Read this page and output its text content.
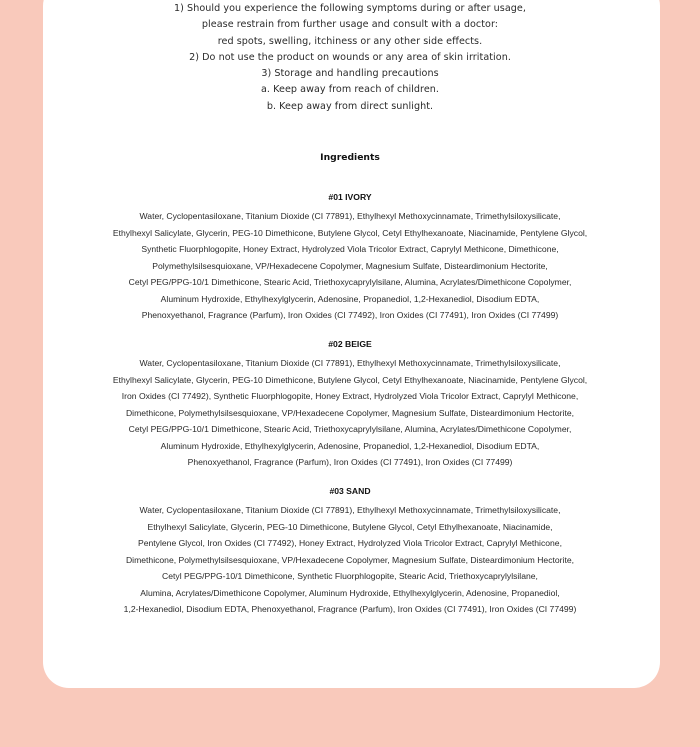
1) Should you experience the following symptoms during or after usage,
please restrain from further usage and consult with a doctor:
red spots, swelling, itchiness or any other side effects.
2) Do not use the product on wounds or any area of skin irritation.
3) Storage and handling precautions
a. Keep away from reach of children.
b. Keep away from direct sunlight.
Ingredients
#01 IVORY
Water, Cyclopentasiloxane, Titanium Dioxide (CI 77891), Ethylhexyl Methoxycinnamate, Trimethylsiloxysilicate,
Ethylhexyl Salicylate, Glycerin, PEG-10 Dimethicone, Butylene Glycol, Cetyl Ethylhexanoate, Niacinamide, Pentylene Glycol,
Synthetic Fluorphlogopite, Honey Extract, Hydrolyzed Viola Tricolor Extract, Caprylyl Methicone, Dimethicone,
Polymethylsilsesquioxane, VP/Hexadecene Copolymer, Magnesium Sulfate, Disteardimonium Hectorite,
Cetyl PEG/PPG-10/1 Dimethicone, Stearic Acid, Triethoxycaprylylsilane, Alumina, Acrylates/Dimethicone Copolymer,
Aluminum Hydroxide, Ethylhexylglycerin, Adenosine, Propanediol, 1,2-Hexanediol, Disodium EDTA,
Phenoxyethanol, Fragrance (Parfum), Iron Oxides (CI 77492), Iron Oxides (CI 77491), Iron Oxides (CI 77499)
#02 BEIGE
Water, Cyclopentasiloxane, Titanium Dioxide (CI 77891), Ethylhexyl Methoxycinnamate, Trimethylsiloxysilicate,
Ethylhexyl Salicylate, Glycerin, PEG-10 Dimethicone, Butylene Glycol, Cetyl Ethylhexanoate, Niacinamide, Pentylene Glycol,
Iron Oxides (CI 77492), Synthetic Fluorphlogopite, Honey Extract, Hydrolyzed Viola Tricolor Extract, Caprylyl Methicone,
Dimethicone, Polymethylsilsesquioxane, VP/Hexadecene Copolymer, Magnesium Sulfate, Disteardimonium Hectorite,
Cetyl PEG/PPG-10/1 Dimethicone, Stearic Acid, Triethoxycaprylylsilane, Alumina, Acrylates/Dimethicone Copolymer,
Aluminum Hydroxide, Ethylhexylglycerin, Adenosine, Propanediol, 1,2-Hexanediol, Disodium EDTA,
Phenoxyethanol, Fragrance (Parfum), Iron Oxides (CI 77491), Iron Oxides (CI 77499)
#03 SAND
Water, Cyclopentasiloxane, Titanium Dioxide (CI 77891), Ethylhexyl Methoxycinnamate, Trimethylsiloxysilicate,
Ethylhexyl Salicylate, Glycerin, PEG-10 Dimethicone, Butylene Glycol, Cetyl Ethylhexanoate, Niacinamide,
Pentylene Glycol, Iron Oxides (CI 77492), Honey Extract, Hydrolyzed Viola Tricolor Extract, Caprylyl Methicone,
Dimethicone, Polymethylsilsesquioxane, VP/Hexadecene Copolymer, Magnesium Sulfate, Disteardimonium Hectorite,
Cetyl PEG/PPG-10/1 Dimethicone, Synthetic Fluorphlogopite, Stearic Acid, Triethoxycaprylylsilane,
Alumina, Acrylates/Dimethicone Copolymer, Aluminum Hydroxide, Ethylhexylglycerin, Adenosine, Propanediol,
1,2-Hexanediol, Disodium EDTA, Phenoxyethanol, Fragrance (Parfum), Iron Oxides (CI 77491), Iron Oxides (CI 77499)
